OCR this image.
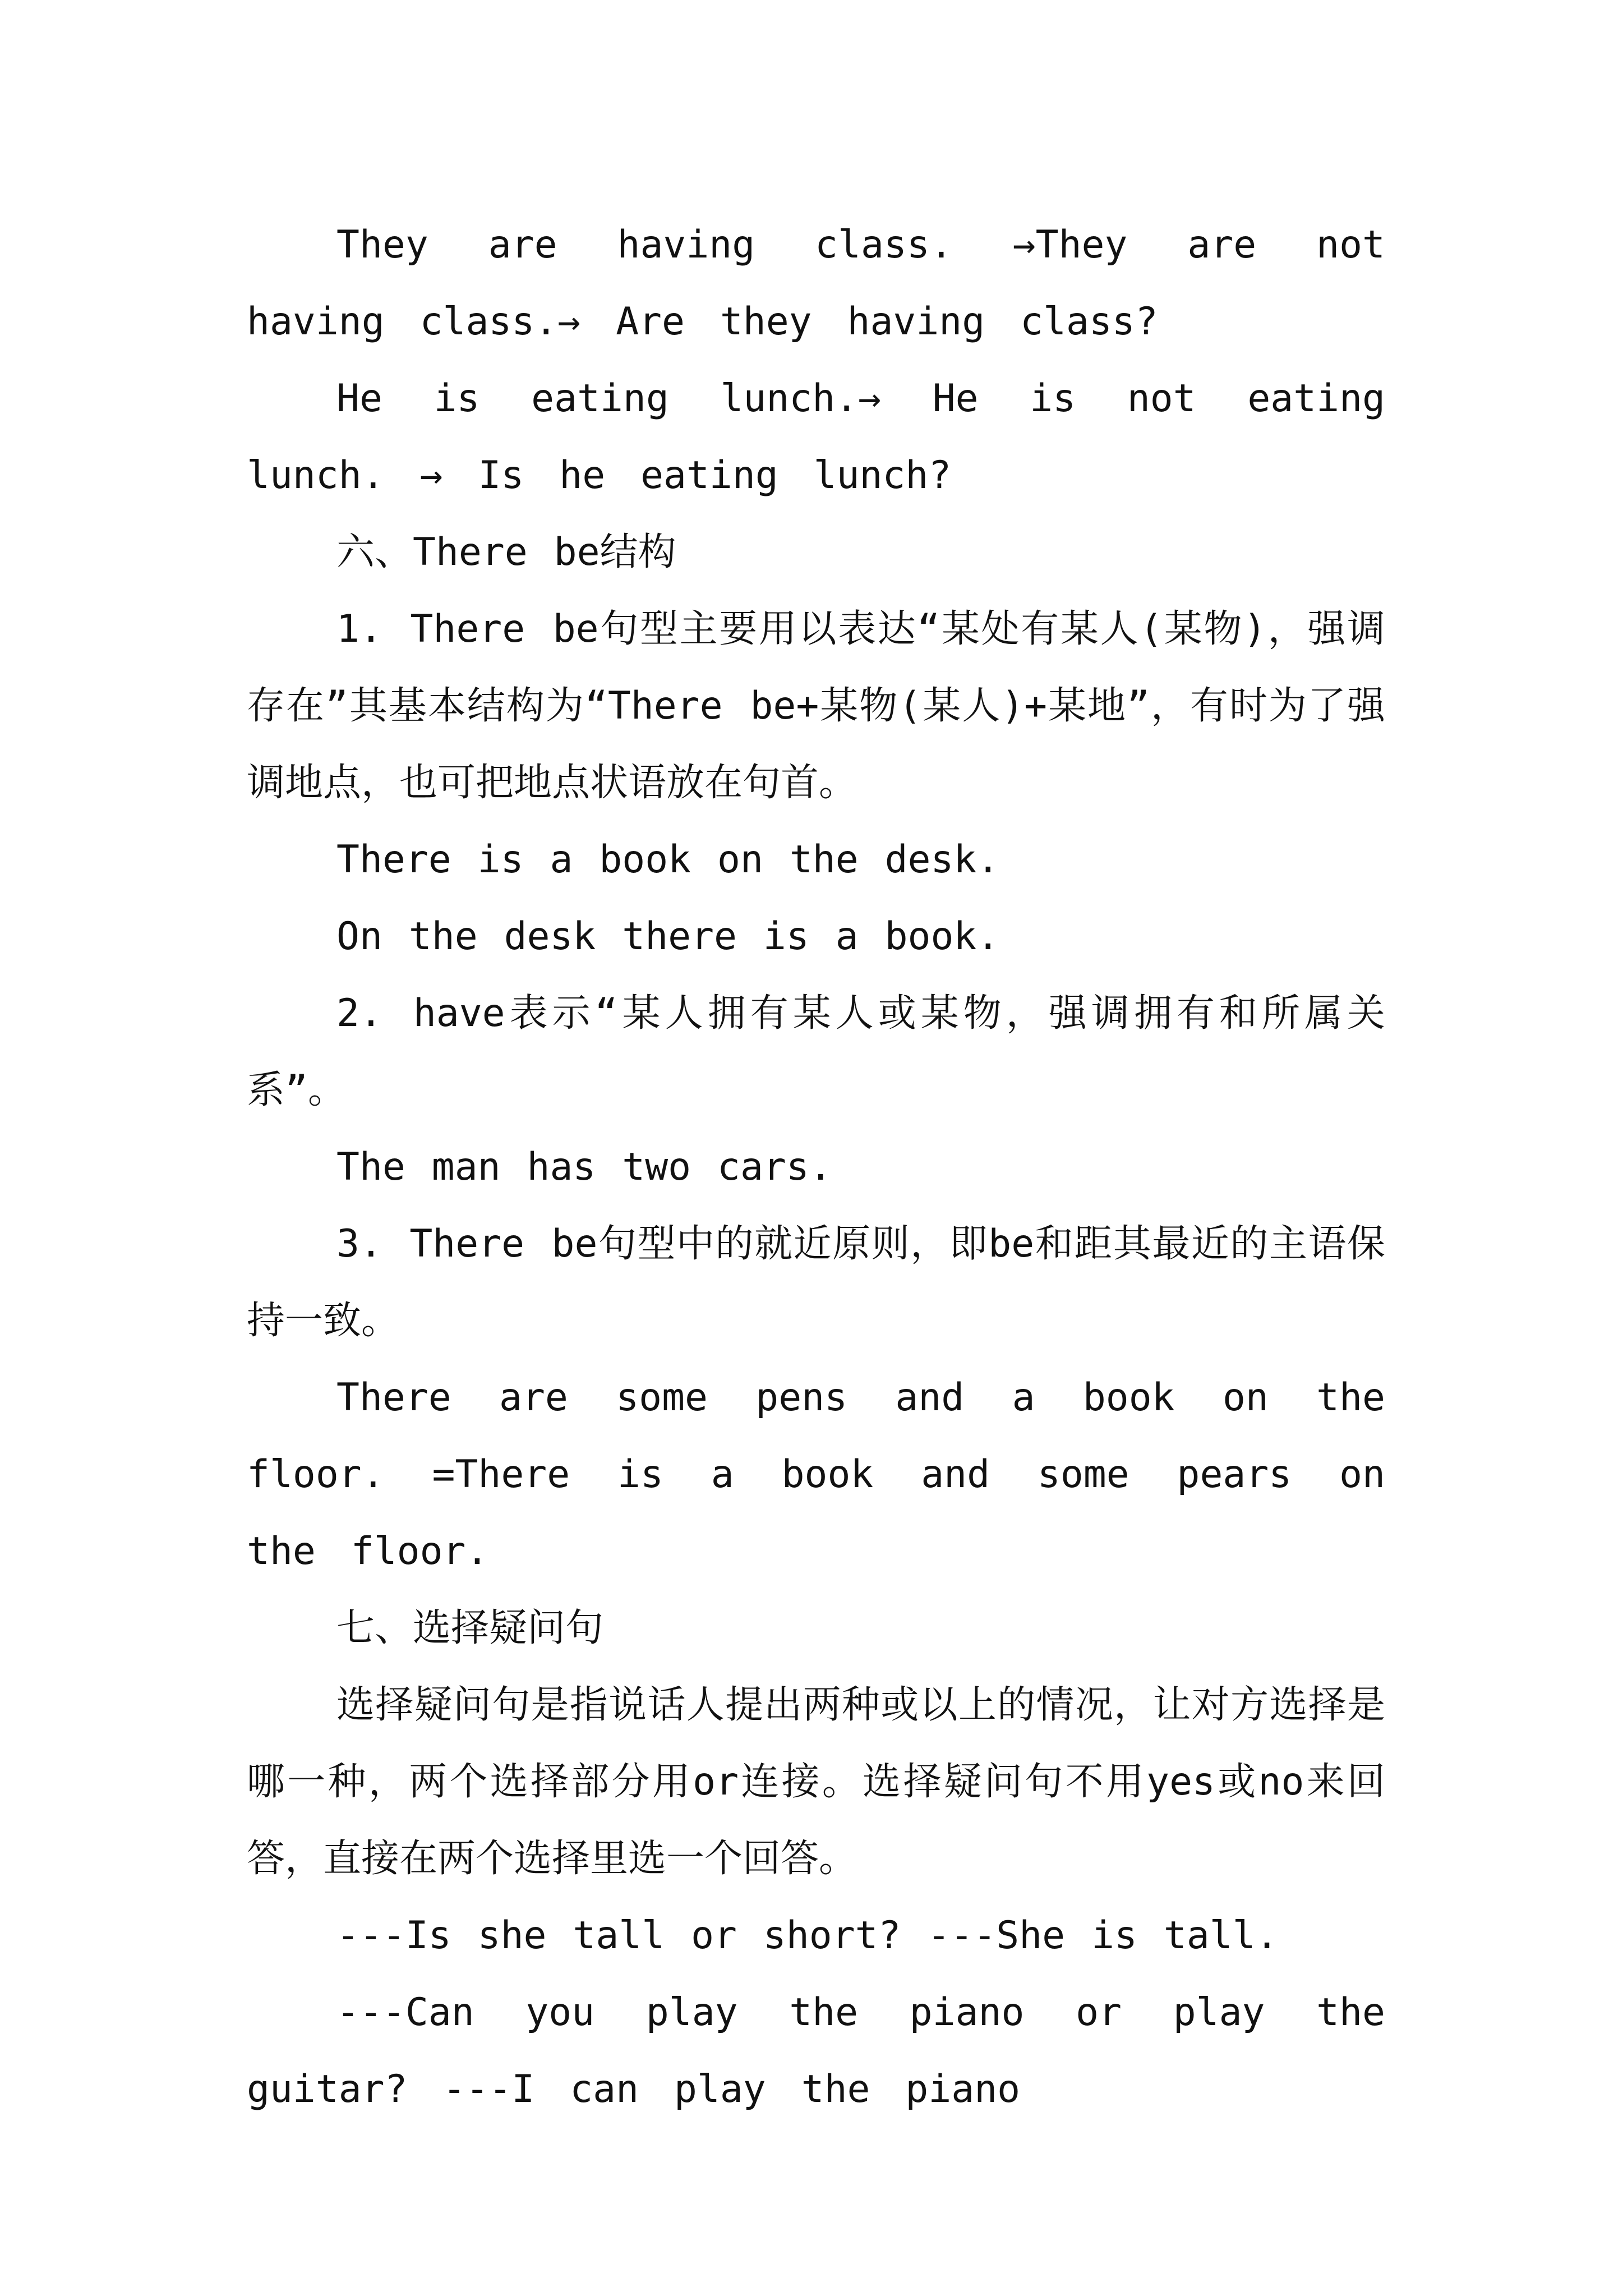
They are having class. →They are not having class.→ Are they having class?

He is eating lunch.→ He is not eating lunch. → Is he eating lunch?

六、There be结构

1. There be句型主要用以表达“某处有某人(某物)，强调存在”其基本结构为“There be+某物(某人)+某地”，有时为了强调地点，也可把地点状语放在句首。

There is a book on the desk.

On the desk there is a book.

2. have表示“某人拥有某人或某物，强调拥有和所属关系”。

The man has two cars.

3. There be句型中的就近原则，即be和距其最近的主语保持一致。

There are some pens and a book on the floor. =There is a book and some pears on the floor.

七、选择疑问句

选择疑问句是指说话人提出两种或以上的情况，让对方选择是哪一种，两个选择部分用or连接。选择疑问句不用yes或no来回答，直接在两个选择里选一个回答。

---Is she tall or short? ---She is tall.

---Can you play the piano or play the guitar? ---I can play the piano
